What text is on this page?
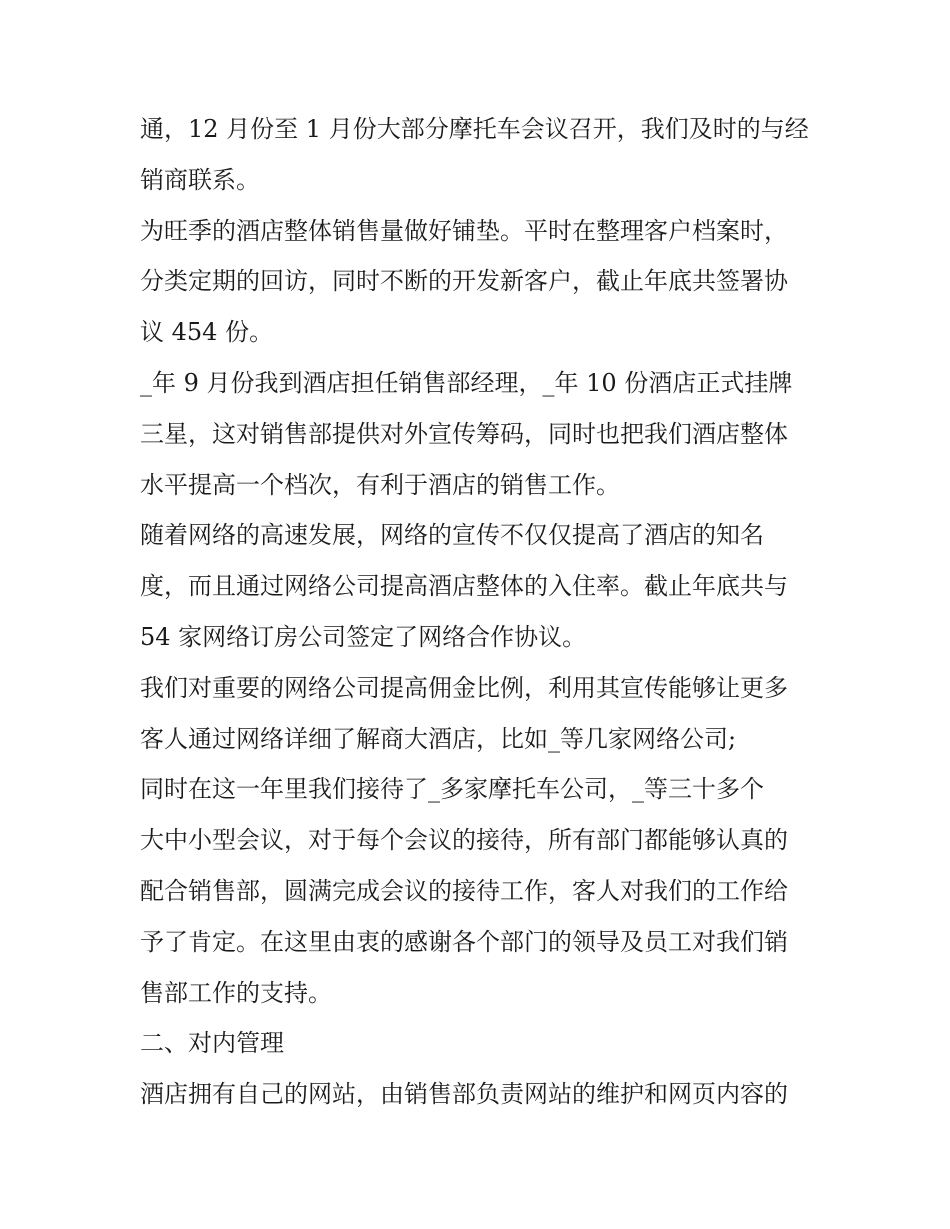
通，12 月份至 1 月份大部分摩托车会议召开，我们及时的与经
销商联系。
为旺季的酒店整体销售量做好铺垫。平时在整理客户档案时，
分类定期的回访，同时不断的开发新客户，截止年底共签署协
议 454 份。
_年 9 月份我到酒店担任销售部经理，_年 10 份酒店正式挂牌
三星，这对销售部提供对外宣传筹码，同时也把我们酒店整体
水平提高一个档次，有利于酒店的销售工作。
随着网络的高速发展，网络的宣传不仅仅提高了酒店的知名
度，而且通过网络公司提高酒店整体的入住率。截止年底共与
54 家网络订房公司签定了网络合作协议。
我们对重要的网络公司提高佣金比例，利用其宣传能够让更多
客人通过网络详细了解商大酒店，比如_等几家网络公司;
同时在这一年里我们接待了_多家摩托车公司，_等三十多个
大中小型会议，对于每个会议的接待，所有部门都能够认真的
配合销售部，圆满完成会议的接待工作，客人对我们的工作给
予了肯定。在这里由衷的感谢各个部门的领导及员工对我们销
售部工作的支持。
二、对内管理
酒店拥有自己的网站，由销售部负责网站的维护和网页内容的
